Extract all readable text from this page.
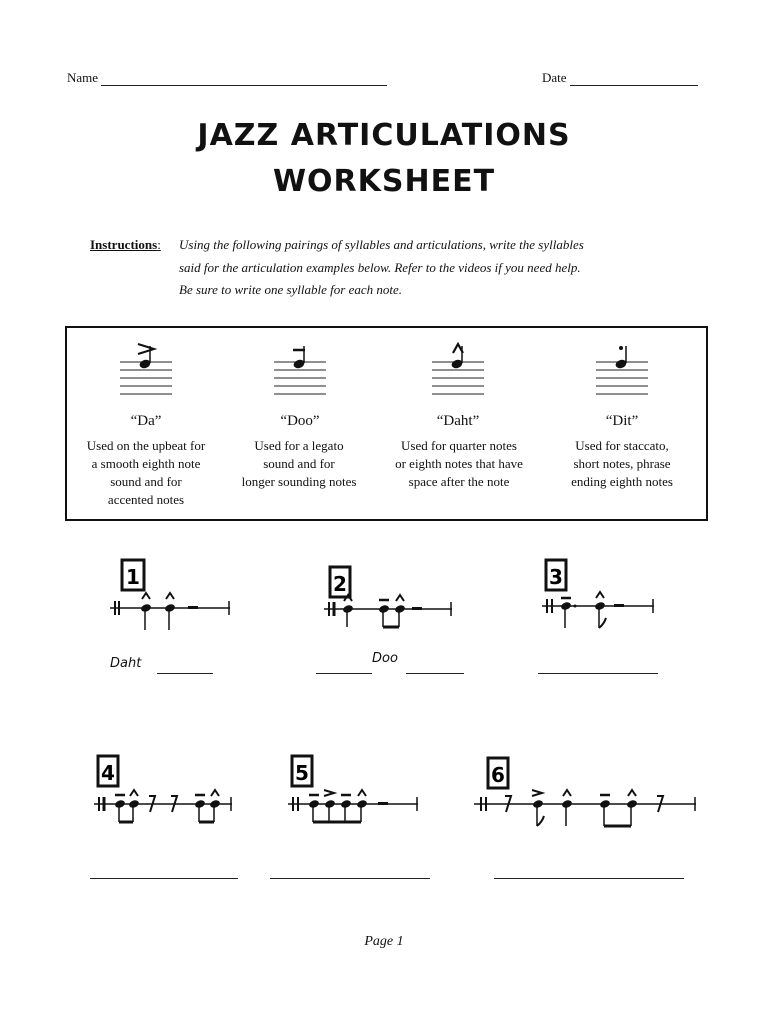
Name	Date
JAZZ ARTICULATIONS
WORKSHEET
Instructions: Using the following pairings of syllables and articulations, write the syllables
said for the articulation examples below. Refer to the videos if you need help.
Be sure to write one syllable for each note.
“Da”	“Doo”	“Daht”	“Dit”
Used on the upbeat for
a smooth eighth note
sound and for
accented notes
Used for a legato
sound and for
longer sounding notes
Used for quarter notes
or eighth notes that have
space after the note
Used for staccato,
short notes, phrase
ending eighth notes
1
Daht
2
Doo
3
4	5	6
Page 1
